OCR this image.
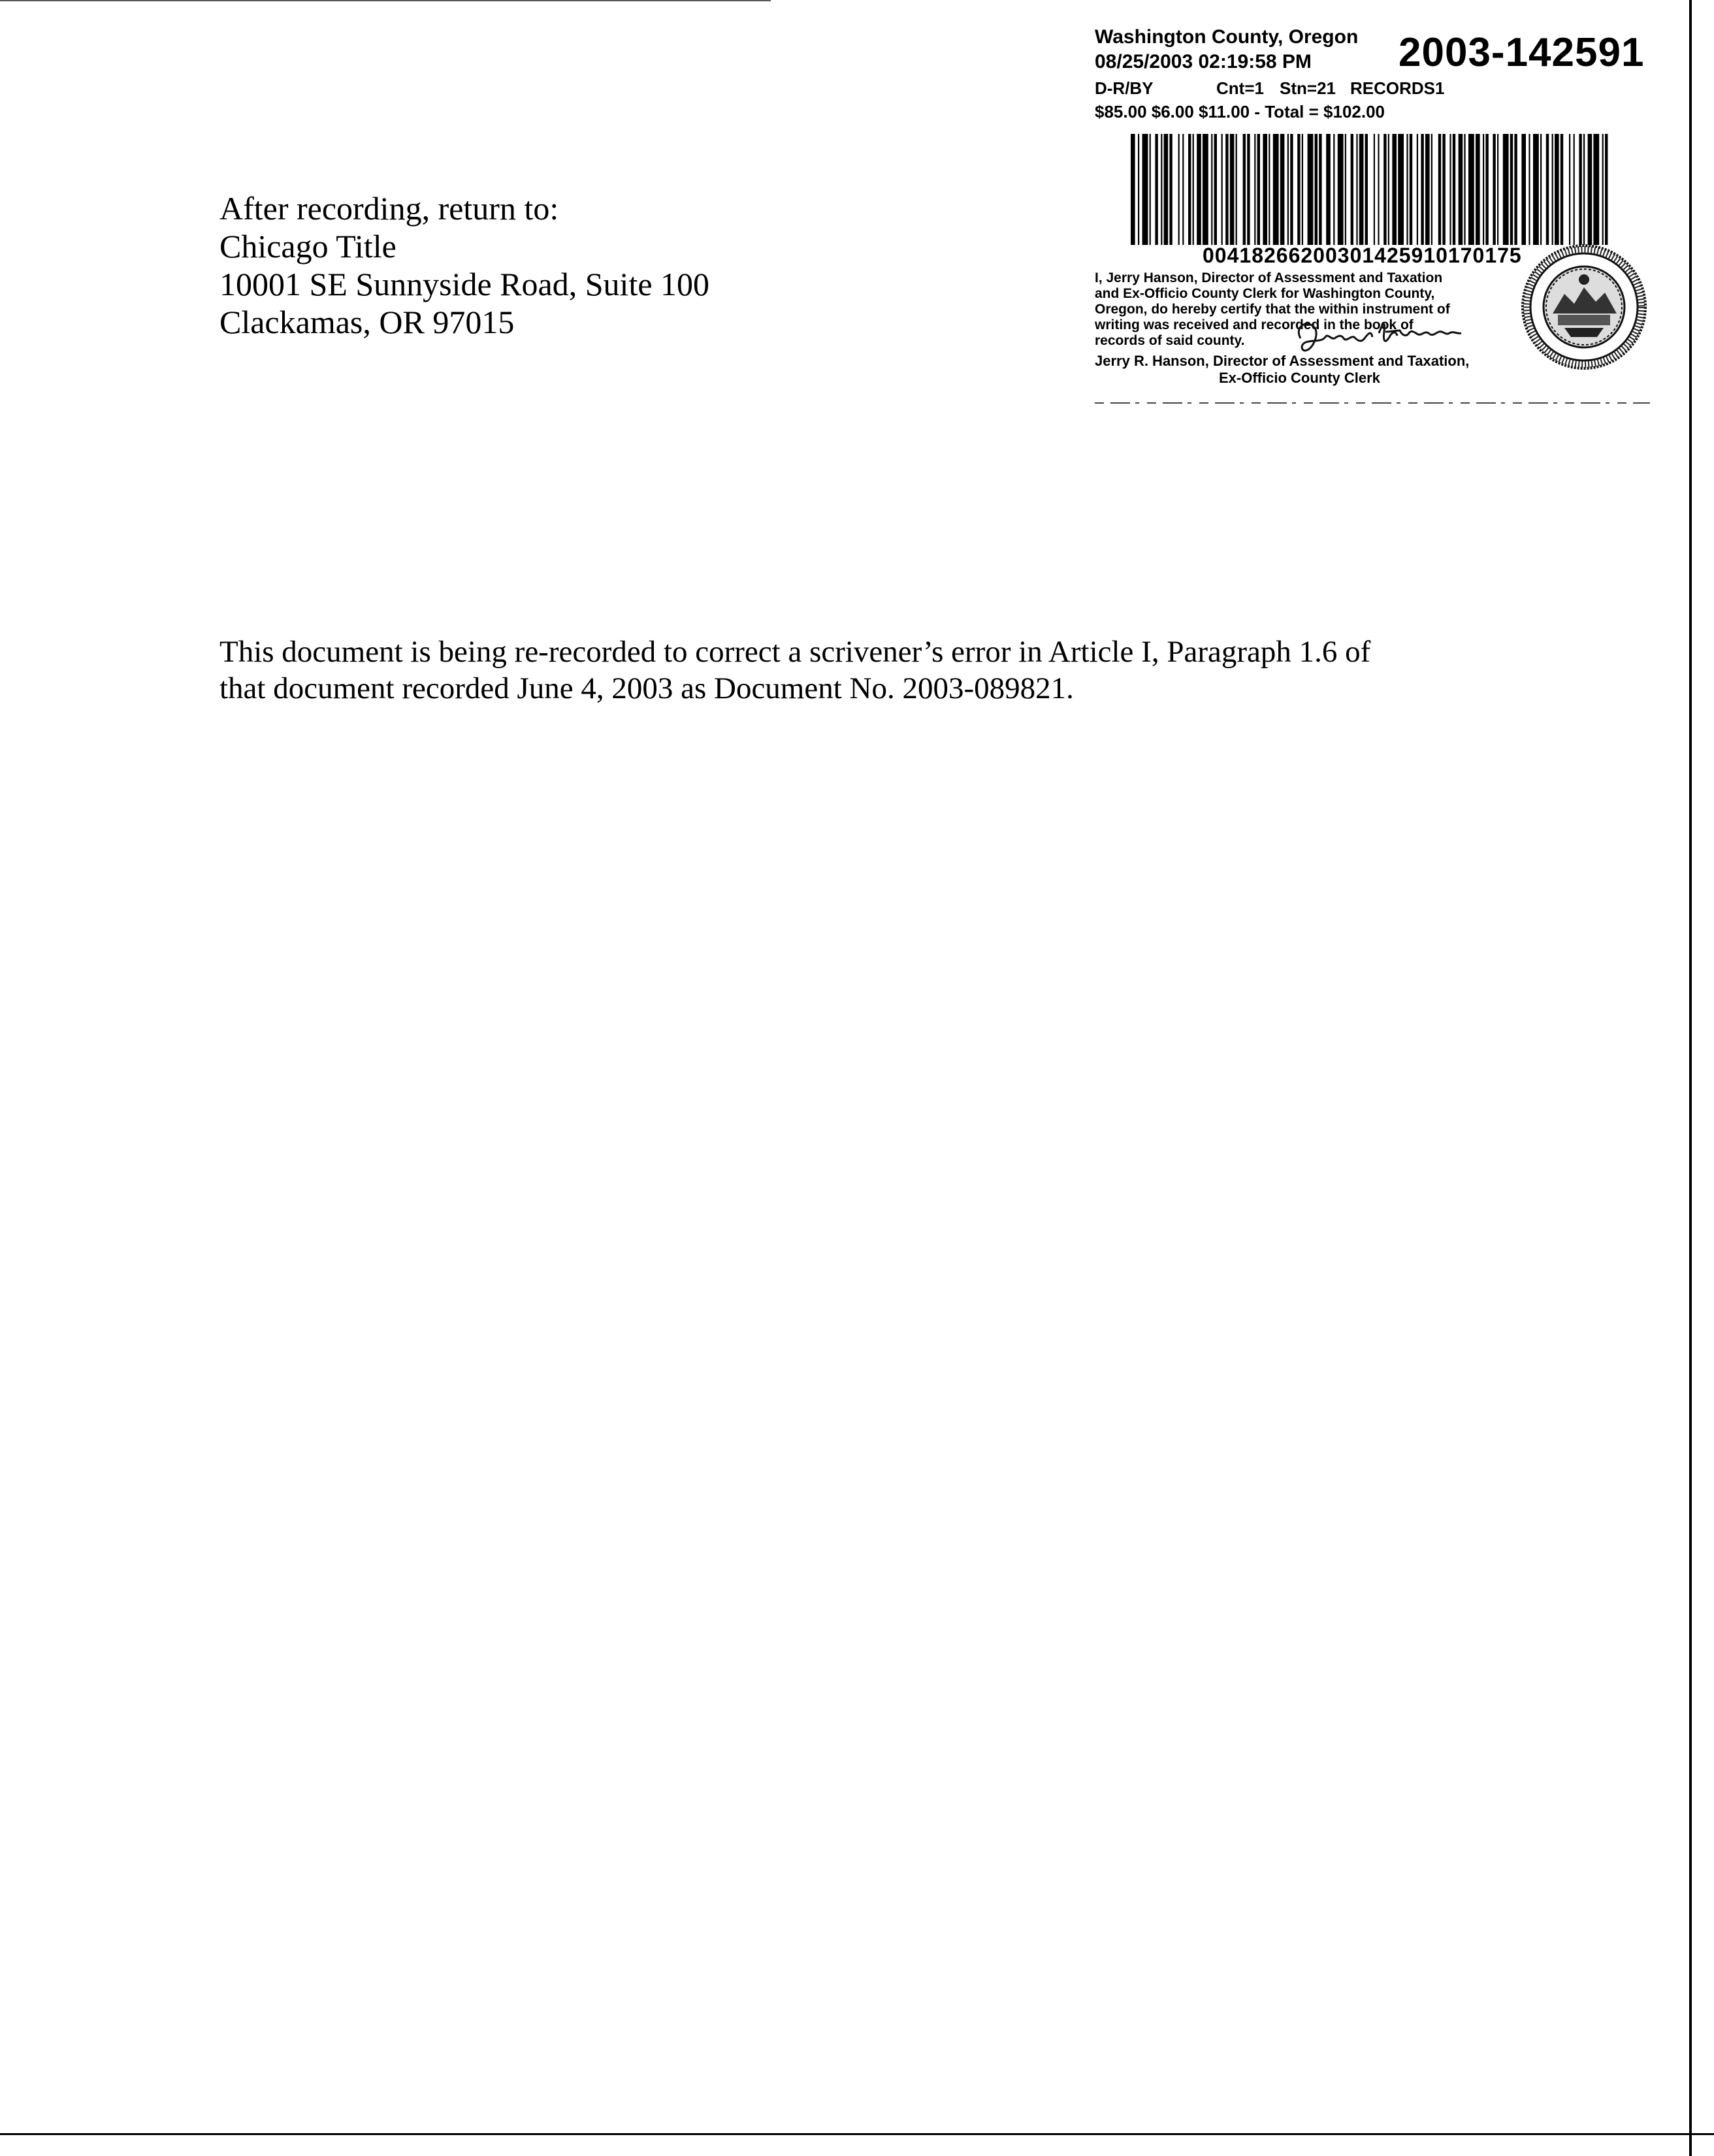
After recording, return to:
Chicago Title
10001 SE Sunnyside Road, Suite 100
Clackamas, OR 97015
Washington County, Oregon
08/25/2003 02:19:58 PM 2003-142591
D-R/BY	Cnt=1 Stn=21 RECORDS1
$85.00 $6.00 $11.00 - Total = $102.00
00418266200301425910170175
I, Jerry Hanson, Director of Assessment and Taxation
and Ex-Officio County Clerk for Washington County,
Oregon, do hereby certify that the within instrument of
writing was received and recorded in the book of
records of said county.
Jerry R. Hanson, Director of Assessment and Taxation,
Ex-Officio County Clerk
This document is being re-recorded to correct a scrivener’s error in Article I, Paragraph 1.6 of
that document recorded June 4, 2003 as Document No. 2003-089821.
